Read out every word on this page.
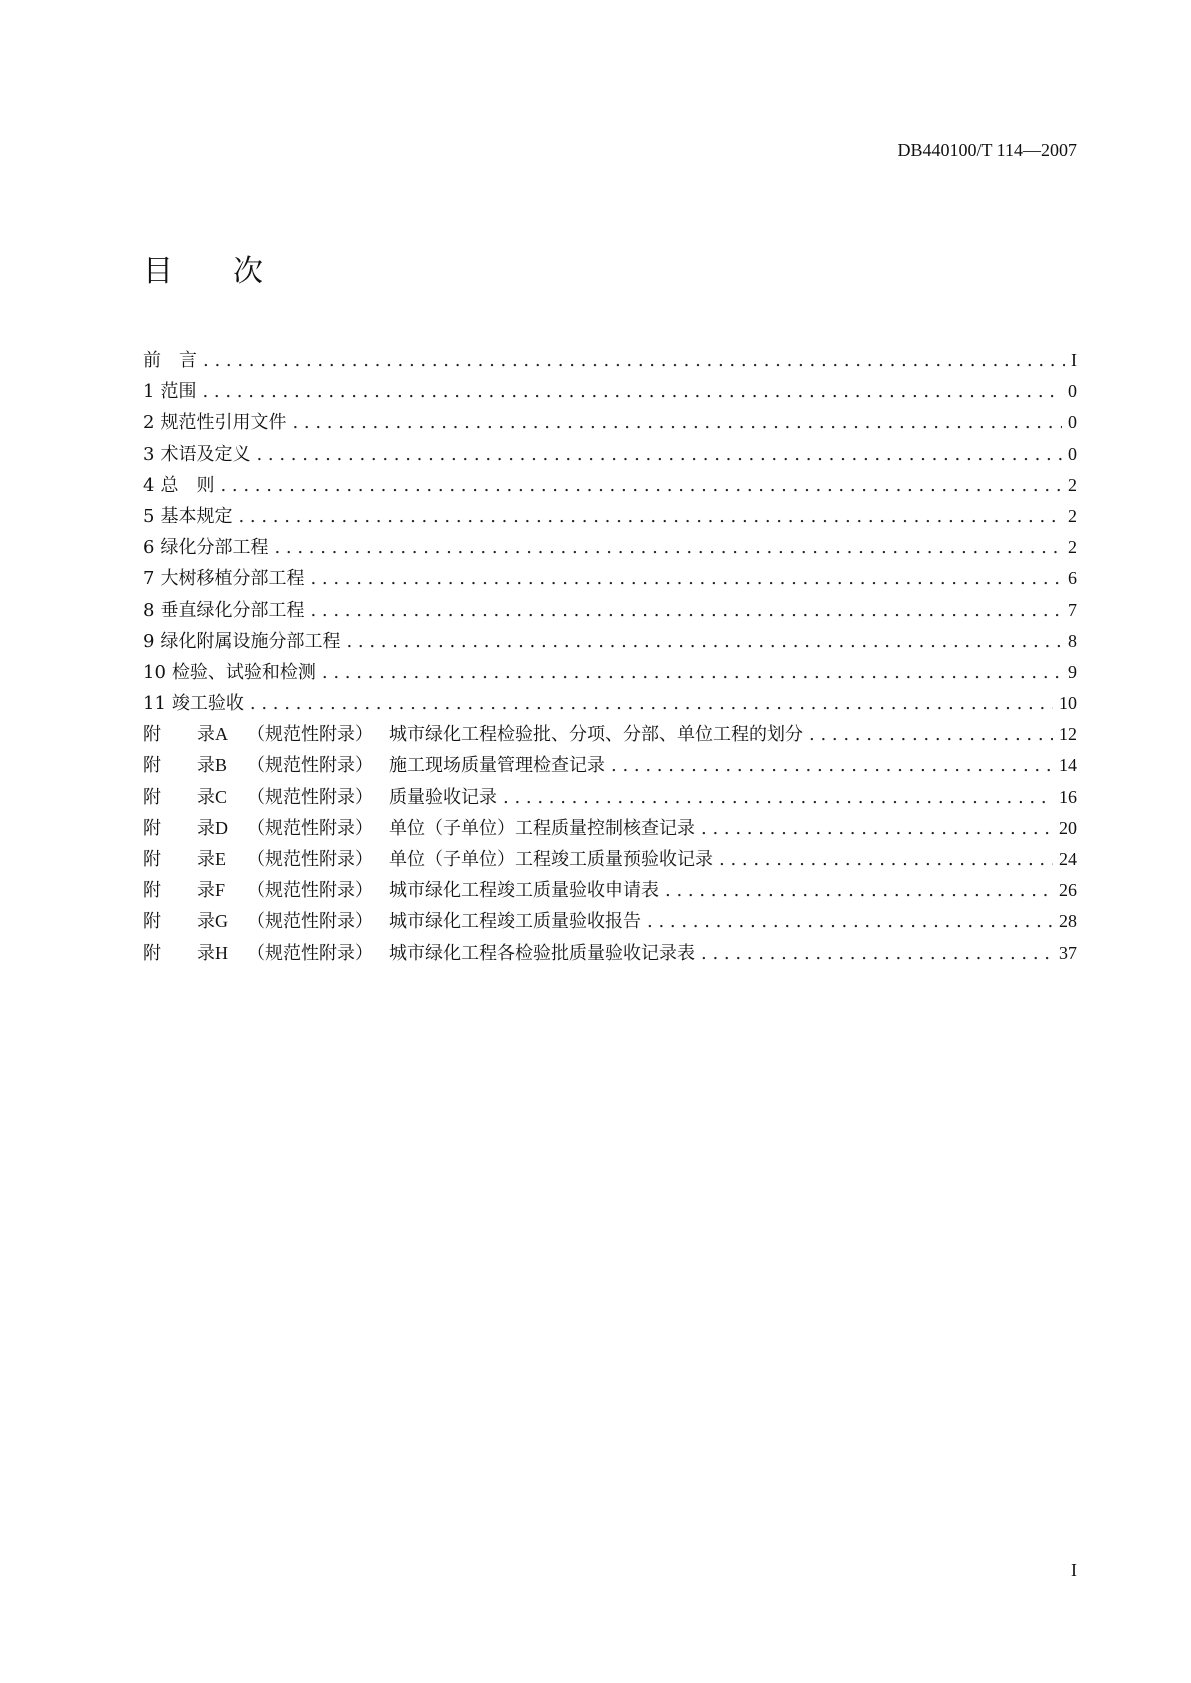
DB440100/T 114—2007
目　　次
前　言 . . .	I
1 范围 . . .	0
2 规范性引用文件 . . .	0
3 术语及定义 . . .	0
4 总　则 . . .	2
5 基本规定 . . .	2
6 绿化分部工程 . . .	2
7 大树移植分部工程 . . .	6
8 垂直绿化分部工程 . . .	7
9 绿化附属设施分部工程 . . .	8
10 检验、试验和检测 . . .	9
11 竣工验收 . . .	10
附 录 A	（规范性附录） 城市绿化工程检验批、分项、分部、单位工程的划分 . . .	12
附 录 B	（规范性附录） 施工现场质量管理检查记录 . . .	14
附 录 C	（规范性附录） 质量验收记录 . . .	16
附 录 D	（规范性附录） 单位（子单位）工程质量控制核查记录 . . .	20
附 录 E	（规范性附录） 单位（子单位）工程竣工质量预验收记录 . . .	24
附 录 F	（规范性附录） 城市绿化工程竣工质量验收申请表 . . .	26
附 录 G	（规范性附录） 城市绿化工程竣工质量验收报告 . . .	28
附 录 H	（规范性附录） 城市绿化工程各检验批质量验收记录表 . . .	37
I
